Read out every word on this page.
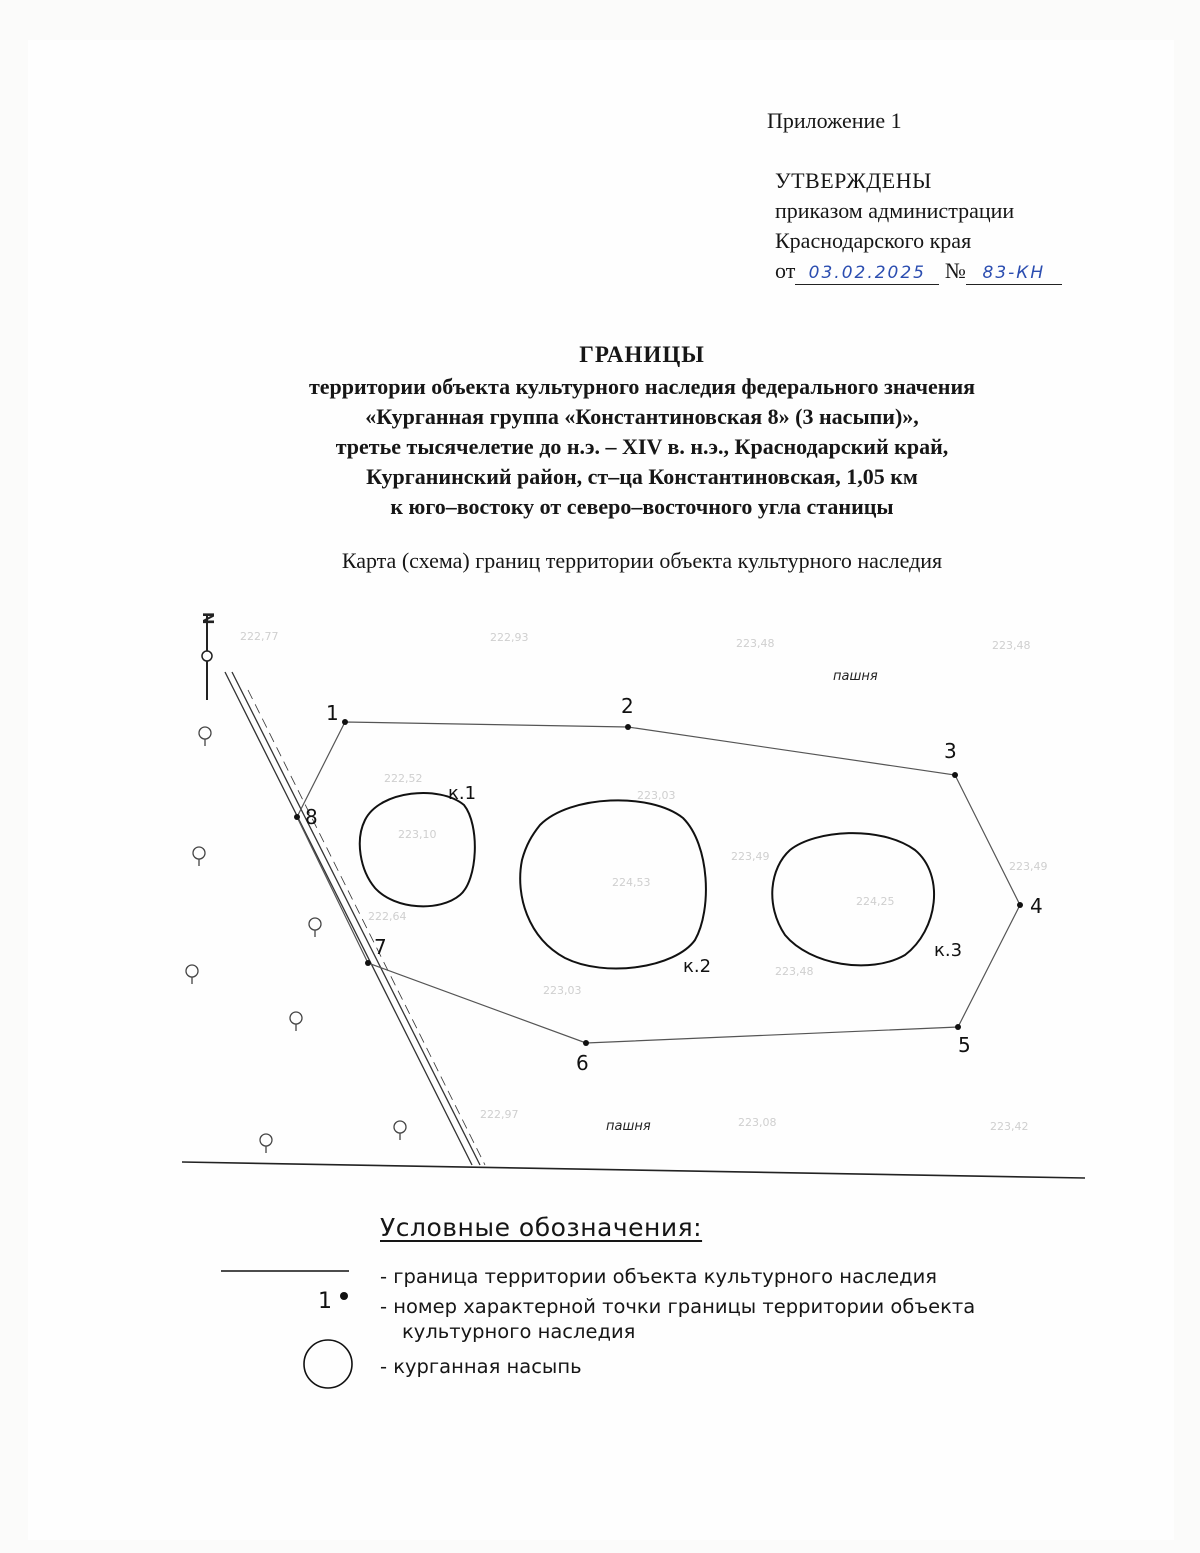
Приложение 1
УТВЕРЖДЕНЫ
приказом администрации
Краснодарского края
от 03.02.2025 № 83-КН
ГРАНИЦЫ
территории объекта культурного наследия федерального значения
«Курганная группа «Константиновская 8» (3 насыпи)»,
третье тысячелетие до н.э. – XIV в. н.э., Краснодарский край,
Курганинский район, ст–ца Константиновская, 1,05 км
к юго–востоку от северо–восточного угла станицы
Карта (схема) границ территории объекта культурного наследия
N
1	2
3
4
5
6
7
8
к.1
к.2
к.3
пашня
пашня
223,10
224,53
224,25
223,03
223,49
223,48
223,03
223,48
222,52
223,49
222,64
223,48
222,93
223,08	223,42
222,77
222,97
1
Условные обозначения:
- граница территории объекта культурного наследия
- номер характерной точки границы территории объекта
культурного наследия
- курганная насыпь
